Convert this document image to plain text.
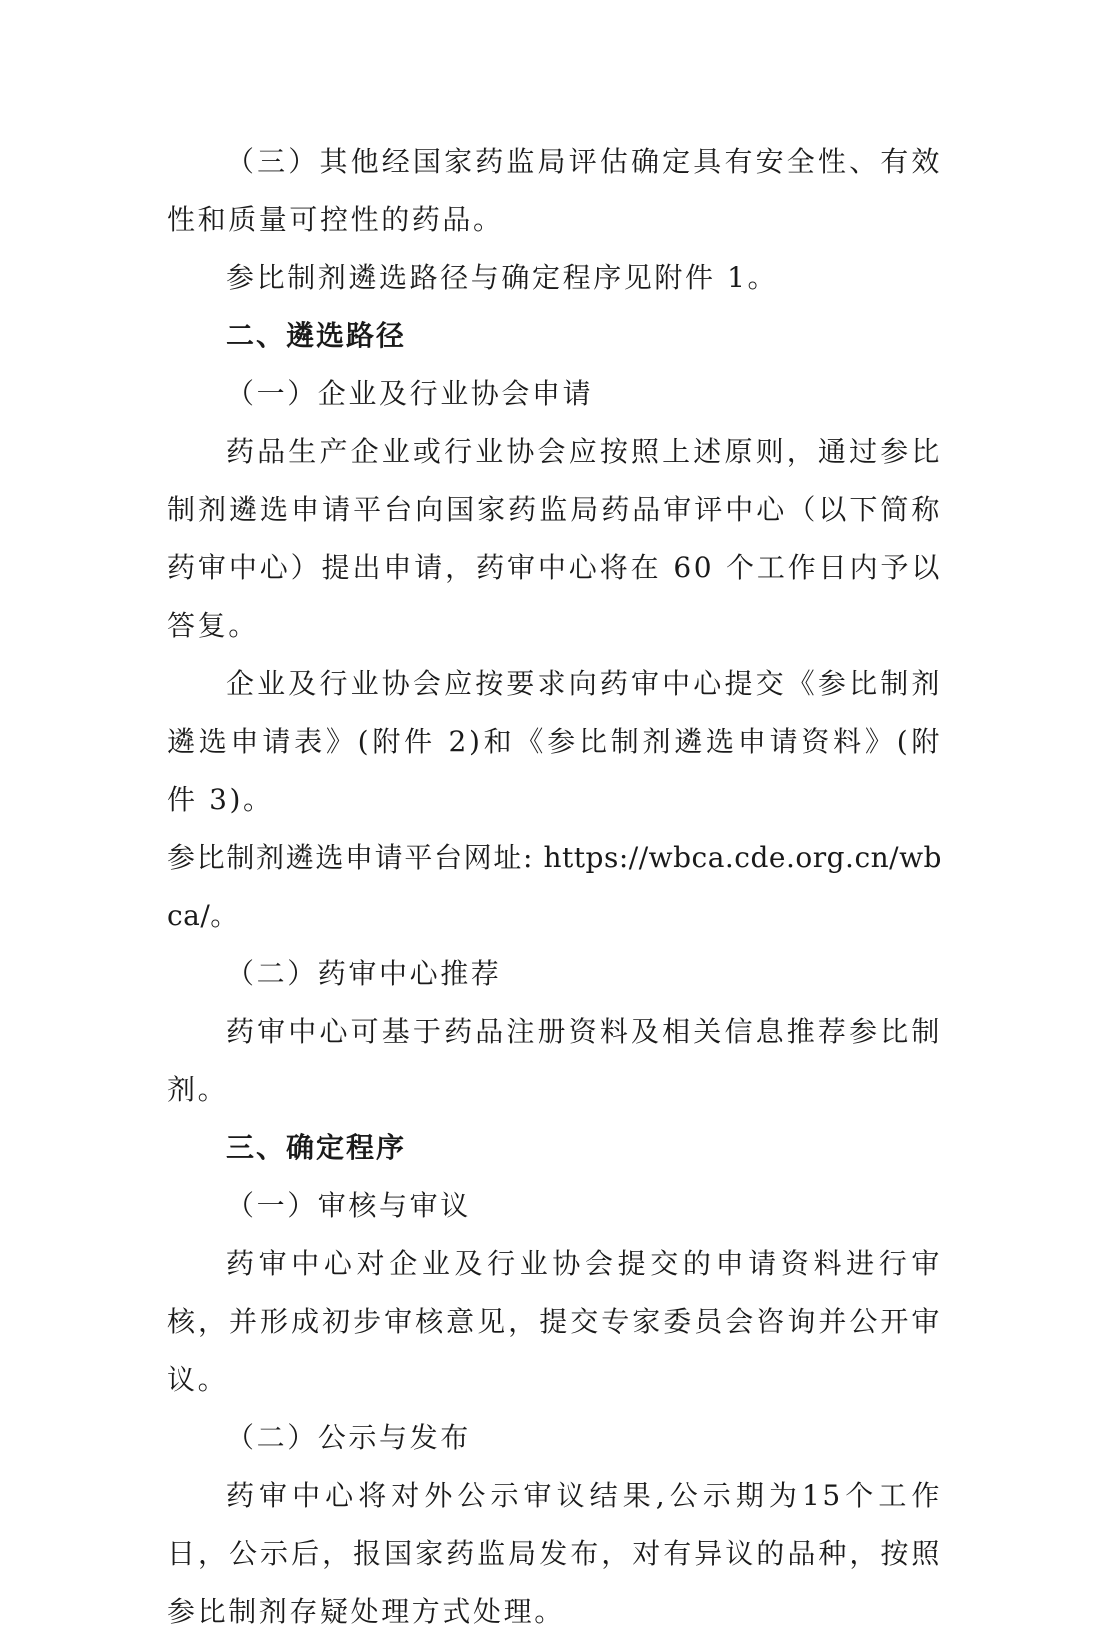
（三）其他经国家药监局评估确定具有安全性、有效性和质量可控性的药品。

参比制剂遴选路径与确定程序见附件 1。

二、遴选路径

（一）企业及行业协会申请

药品生产企业或行业协会应按照上述原则，通过参比制剂遴选申请平台向国家药监局药品审评中心（以下简称药审中心）提出申请，药审中心将在 60 个工作日内予以答复。

企业及行业协会应按要求向药审中心提交《参比制剂遴选申请表》(附件 2)和《参比制剂遴选申请资料》(附件 3)。

参比制剂遴选申请平台网址: https://wbca.cde.org.cn/wbca/。

（二）药审中心推荐

药审中心可基于药品注册资料及相关信息推荐参比制剂。

三、确定程序

（一）审核与审议

药审中心对企业及行业协会提交的申请资料进行审核，并形成初步审核意见，提交专家委员会咨询并公开审议。

（二）公示与发布

药审中心将对外公示审议结果,公示期为15个工作日，公示后，报国家药监局发布，对有异议的品种，按照参比制剂存疑处理方式处理。
